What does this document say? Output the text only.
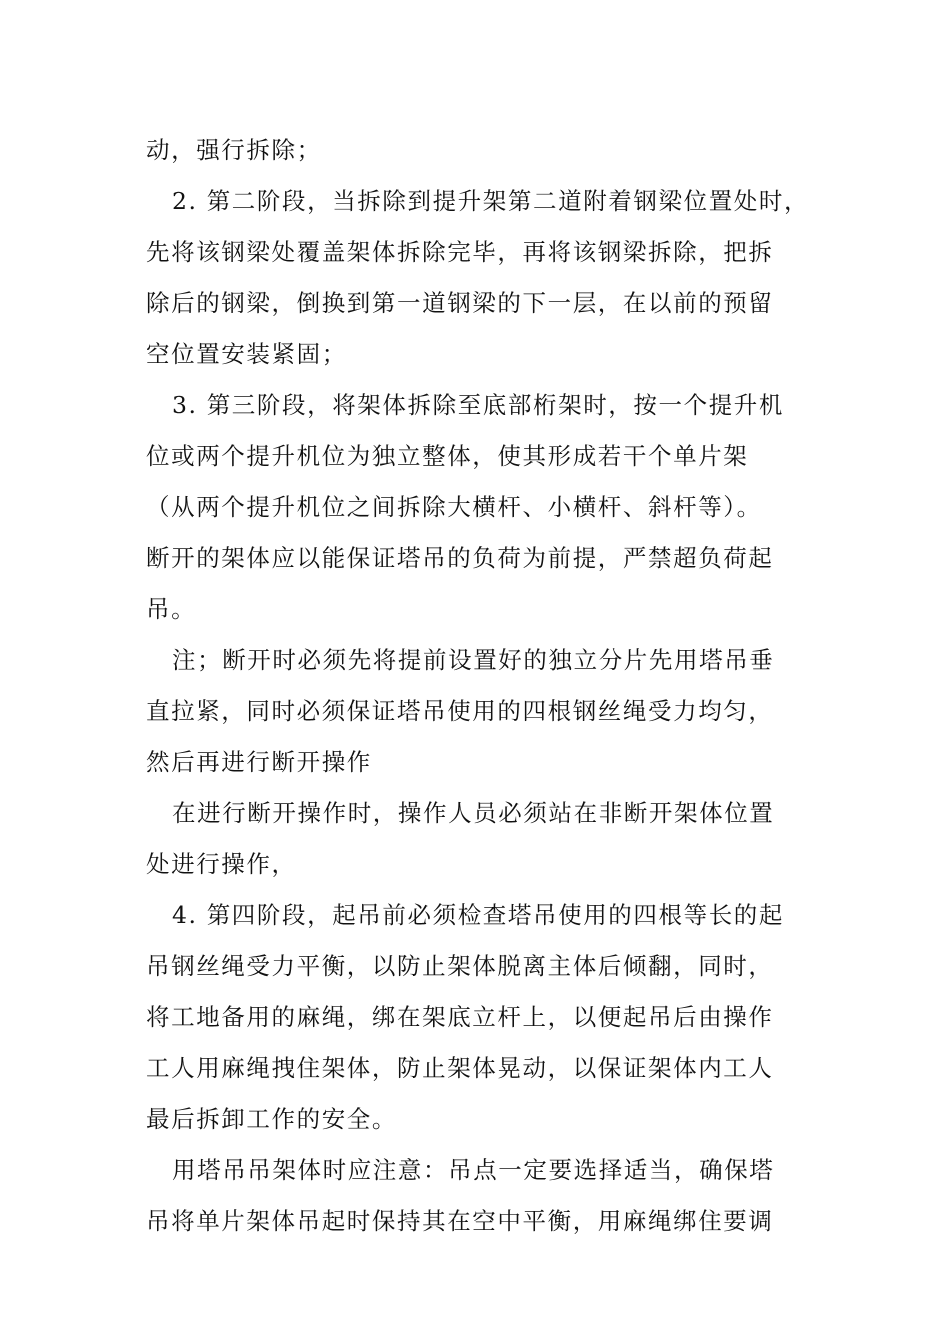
动，强行拆除；
2. 第二阶段，当拆除到提升架第二道附着钢梁位置处时，
先将该钢梁处覆盖架体拆除完毕，再将该钢梁拆除，把拆
除后的钢梁，倒换到第一道钢梁的下一层，在以前的预留
空位置安装紧固；
3. 第三阶段，将架体拆除至底部桁架时，按一个提升机
位或两个提升机位为独立整体，使其形成若干个单片架
（从两个提升机位之间拆除大横杆、小横杆、斜杆等）。
断开的架体应以能保证塔吊的负荷为前提，严禁超负荷起
吊。
注；断开时必须先将提前设置好的独立分片先用塔吊垂
直拉紧，同时必须保证塔吊使用的四根钢丝绳受力均匀，
然后再进行断开操作
在进行断开操作时，操作人员必须站在非断开架体位置
处进行操作，
4. 第四阶段，起吊前必须检查塔吊使用的四根等长的起
吊钢丝绳受力平衡，以防止架体脱离主体后倾翻，同时，
将工地备用的麻绳，绑在架底立杆上，以便起吊后由操作
工人用麻绳拽住架体，防止架体晃动，以保证架体内工人
最后拆卸工作的安全。
用塔吊吊架体时应注意：吊点一定要选择适当，确保塔
吊将单片架体吊起时保持其在空中平衡，用麻绳绑住要调
